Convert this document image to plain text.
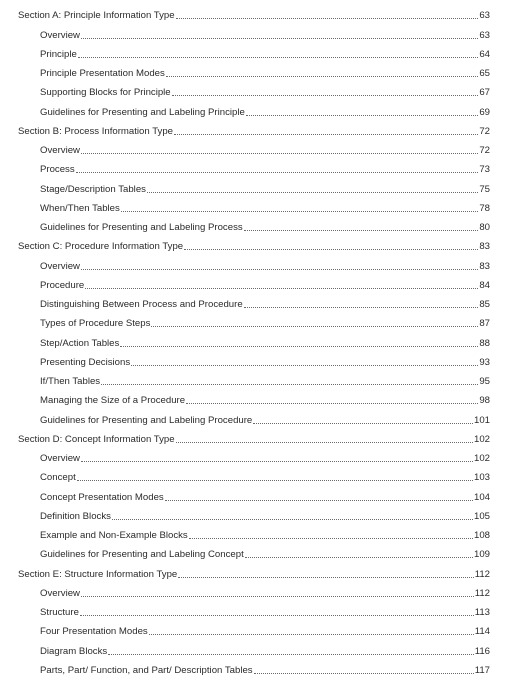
Section A: Principle Information Type	63
Overview	63
Principle	64
Principle Presentation Modes	65
Supporting Blocks for Principle	67
Guidelines for Presenting and Labeling Principle	69
Section B: Process Information Type	72
Overview	72
Process	73
Stage/Description Tables	75
When/Then Tables	78
Guidelines for Presenting and Labeling Process	80
Section C: Procedure Information Type	83
Overview	83
Procedure	84
Distinguishing Between Process and Procedure	85
Types of Procedure Steps	87
Step/Action Tables	88
Presenting Decisions	93
If/Then Tables	95
Managing the Size of a Procedure	98
Guidelines for Presenting and Labeling Procedure	101
Section D: Concept Information Type	102
Overview	102
Concept	103
Concept Presentation Modes	104
Definition Blocks	105
Example and Non-Example Blocks	108
Guidelines for Presenting and Labeling Concept	109
Section E: Structure Information Type	112
Overview	112
Structure	113
Four Presentation Modes	114
Diagram Blocks	116
Parts, Part/ Function, and Part/ Description Tables	117
